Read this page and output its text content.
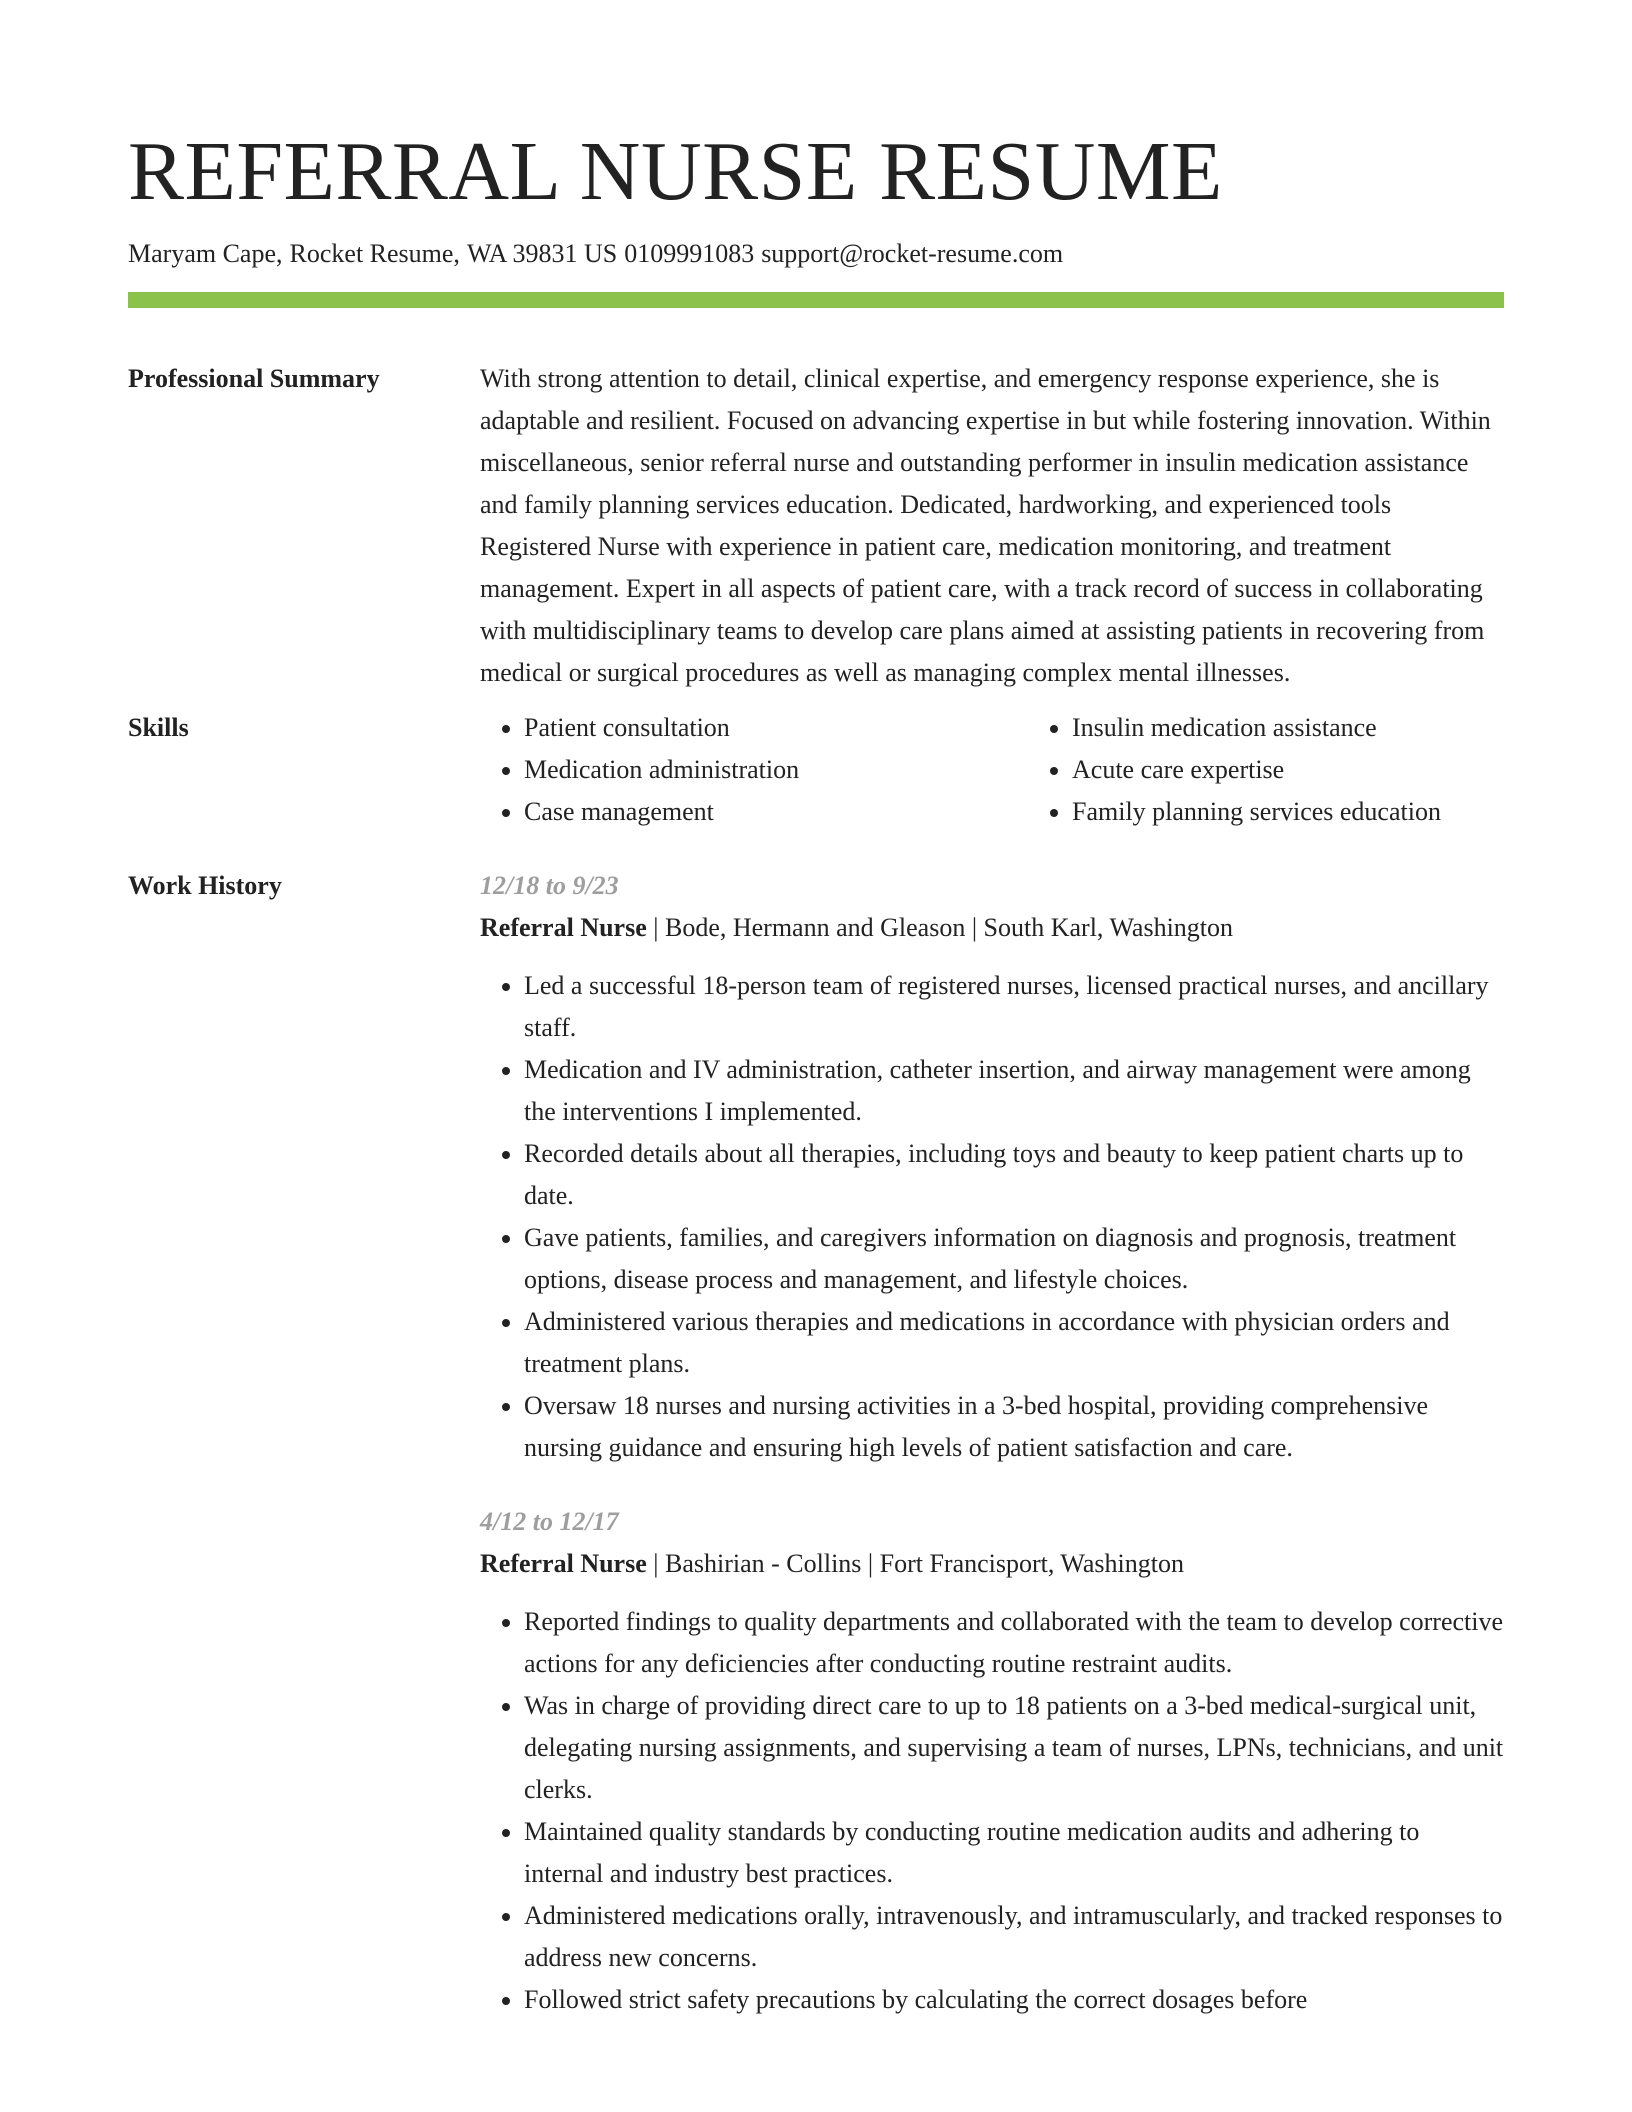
REFERRAL NURSE RESUME
Maryam Cape, Rocket Resume, WA 39831 US 0109991083 support@rocket-resume.com
Professional Summary	With strong attention to detail, clinical expertise, and emergency response experience, she is adaptable and resilient. Focused on advancing expertise in but while fostering innovation. Within miscellaneous, senior referral nurse and outstanding performer in insulin medication assistance and family planning services education. Dedicated, hardworking, and experienced tools Registered Nurse with experience in patient care, medication monitoring, and treatment management. Expert in all aspects of patient care, with a track record of success in collaborating with multidisciplinary teams to develop care plans aimed at assisting patients in recovering from medical or surgical procedures as well as managing complex mental illnesses.

Skills
•	Patient consultation
• Medication administration
• Case management
• Insulin medication assistance
• Acute care expertise
• Family planning services education
Work History	12/18 to 9/23
Referral Nurse | Bode, Hermann and Gleason | South Karl, Washington
• Led a successful 18-person team of registered nurses, licensed practical nurses, and ancillary staff.
• Medication and IV administration, catheter insertion, and airway management were among the interventions I implemented.
• Recorded details about all therapies, including toys and beauty to keep patient charts up to date.
• Gave patients, families, and caregivers information on diagnosis and prognosis, treatment options, disease process and management, and lifestyle choices.
• Administered various therapies and medications in accordance with physician orders and treatment plans.
• Oversaw 18 nurses and nursing activities in a 3-bed hospital, providing comprehensive nursing guidance and ensuring high levels of patient satisfaction and care.
4/12 to 12/17
Referral Nurse | Bashirian - Collins | Fort Francisport, Washington
• Reported findings to quality departments and collaborated with the team to develop corrective actions for any deficiencies after conducting routine restraint audits.
• Was in charge of providing direct care to up to 18 patients on a 3-bed medical-surgical unit, delegating nursing assignments, and supervising a team of nurses, LPNs, technicians, and unit clerks.
• Maintained quality standards by conducting routine medication audits and adhering to internal and industry best practices.
• Administered medications orally, intravenously, and intramuscularly, and tracked responses to address new concerns.
• Followed strict safety precautions by calculating the correct dosages before
